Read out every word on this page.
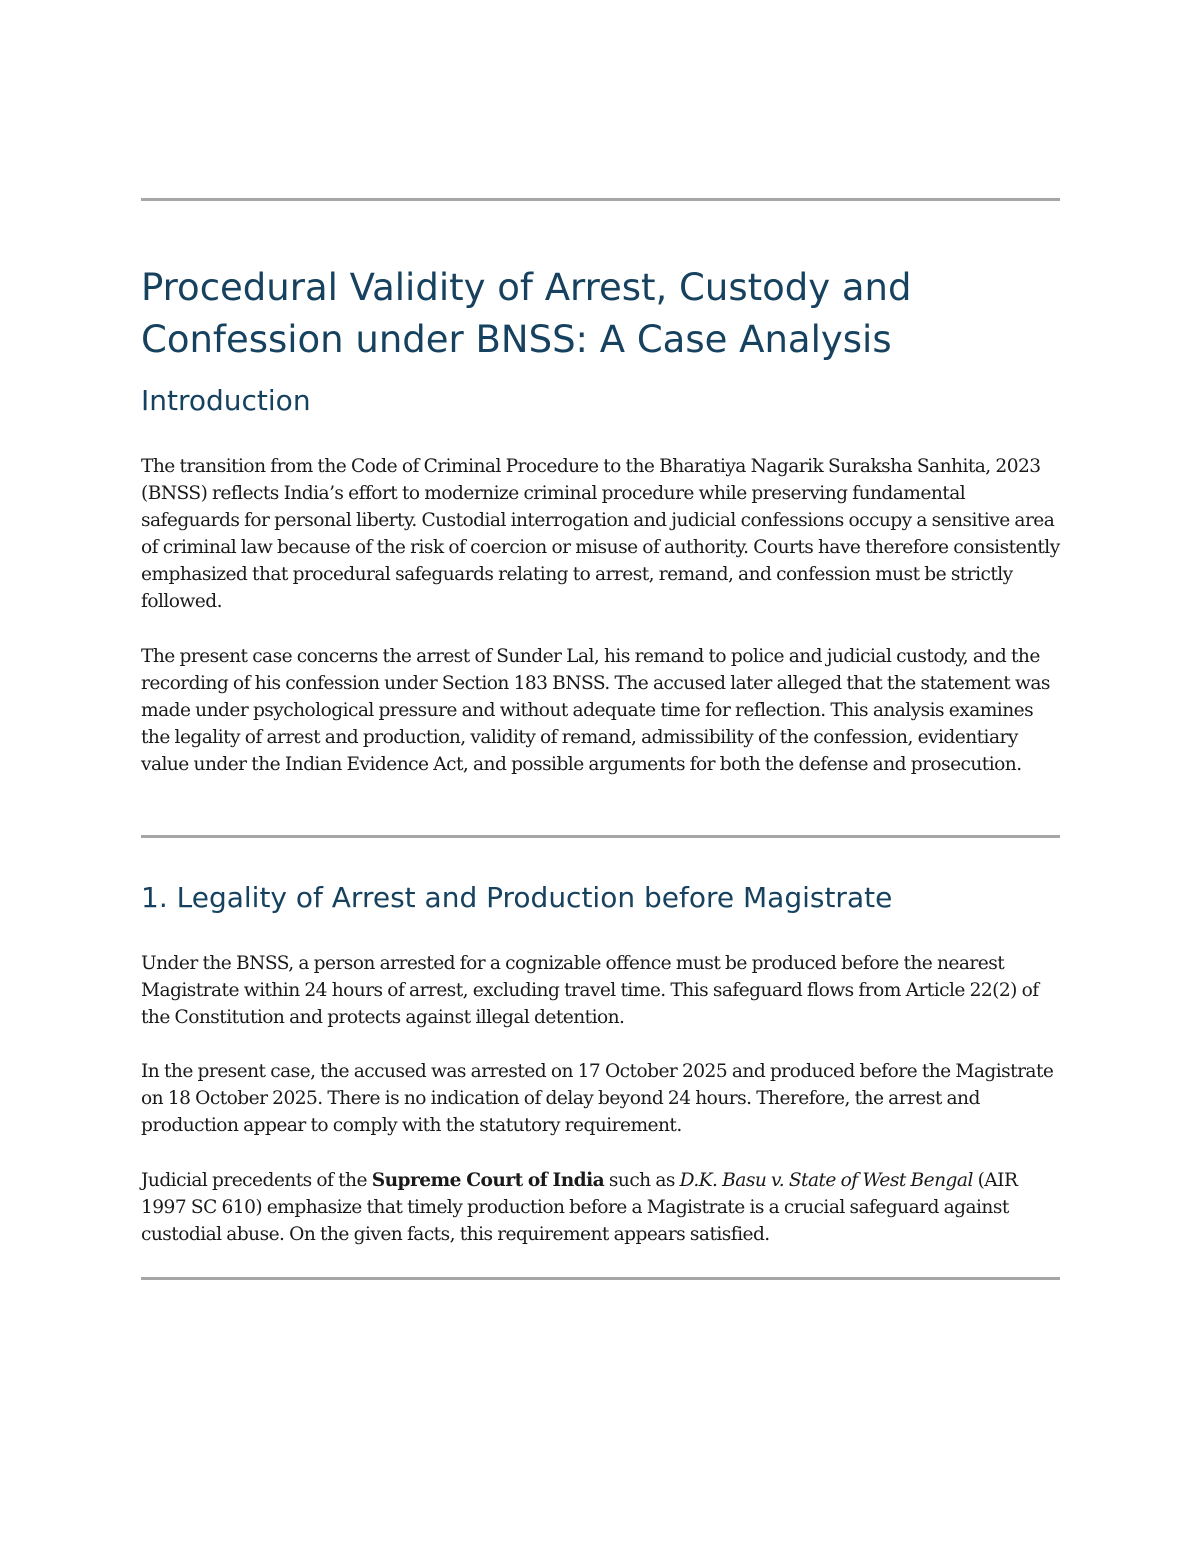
Procedural Validity of Arrest, Custody and Confession under BNSS: A Case Analysis
Introduction

The transition from the Code of Criminal Procedure to the Bharatiya Nagarik Suraksha Sanhita, 2023 (BNSS) reflects India’s effort to modernize criminal procedure while preserving fundamental safeguards for personal liberty. Custodial interrogation and judicial confessions occupy a sensitive area of criminal law because of the risk of coercion or misuse of authority. Courts have therefore consistently emphasized that procedural safeguards relating to arrest, remand, and confession must be strictly followed.

The present case concerns the arrest of Sunder Lal, his remand to police and judicial custody, and the recording of his confession under Section 183 BNSS. The accused later alleged that the statement was made under psychological pressure and without adequate time for reflection. This analysis examines the legality of arrest and production, validity of remand, admissibility of the confession, evidentiary value under the Indian Evidence Act, and possible arguments for both the defense and prosecution.

1. Legality of Arrest and Production before Magistrate

Under the BNSS, a person arrested for a cognizable offence must be produced before the nearest Magistrate within 24 hours of arrest, excluding travel time. This safeguard flows from Article 22(2) of the Constitution and protects against illegal detention.

In the present case, the accused was arrested on 17 October 2025 and produced before the Magistrate on 18 October 2025. There is no indication of delay beyond 24 hours. Therefore, the arrest and production appear to comply with the statutory requirement.

Judicial precedents of the Supreme Court of India such as D.K. Basu v. State of West Bengal (AIR 1997 SC 610) emphasize that timely production before a Magistrate is a crucial safeguard against custodial abuse. On the given facts, this requirement appears satisfied.
